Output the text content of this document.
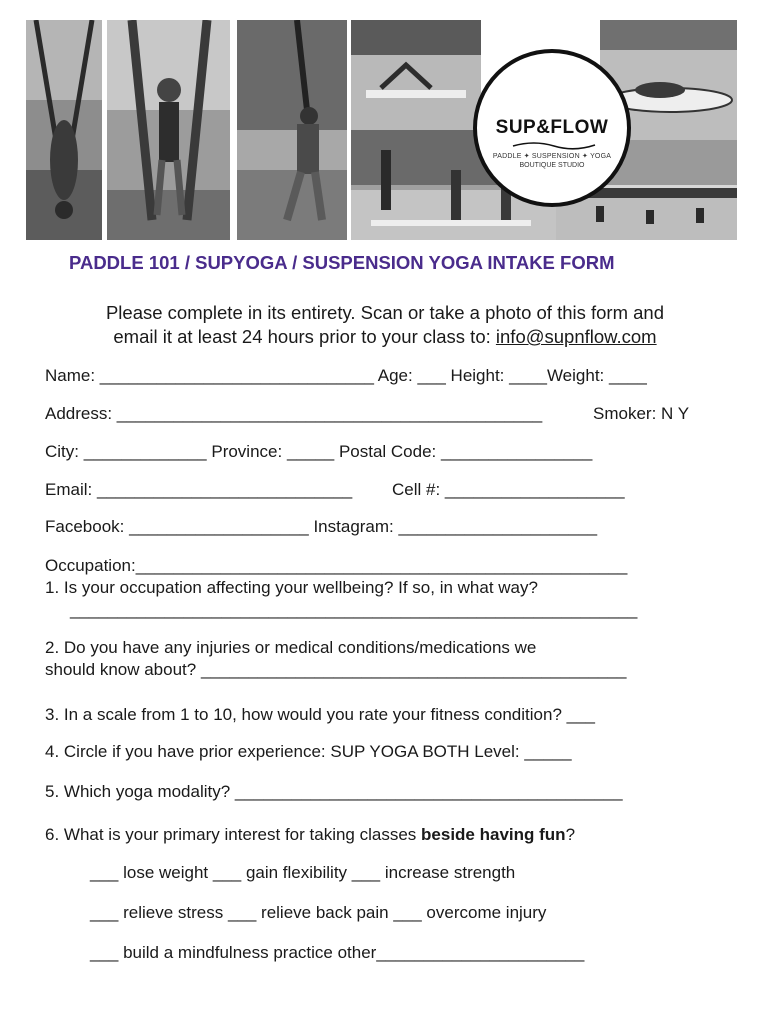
SUP&FLOW
PADDLE ✦ SUSPENSION ✦ YOGA
BOUTIQUE STUDIO
PADDLE 101 / SUPYOGA / SUSPENSION YOGA INTAKE FORM
Please complete in its entirety. Scan or take a photo of this form and
email it at least 24 hours prior to your class to: info@supnflow.com
Name: _____________________________ Age: ___ Height: ____Weight: ____
Address: _____________________________________________	Smoker: N Y
City: _____________ Province: _____ Postal Code: ________________
Email: ___________________________ Cell #: ___________________
Facebook: ___________________ Instagram: _____________________
Occupation:____________________________________________________
1. Is your occupation affecting your wellbeing? If so, in what way?
____________________________________________________________
2. Do you have any injuries or medical conditions/medications we
should know about? _____________________________________________
3. In a scale from 1 to 10, how would you rate your fitness condition? ___
4. Circle if you have prior experience: SUP YOGA BOTH Level: _____
5. Which yoga modality? _________________________________________
6. What is your primary interest for taking classes beside having fun?
___ lose weight ___ gain flexibility ___ increase strength
___ relieve stress ___ relieve back pain ___ overcome injury
___ build a mindfulness practice other______________________
